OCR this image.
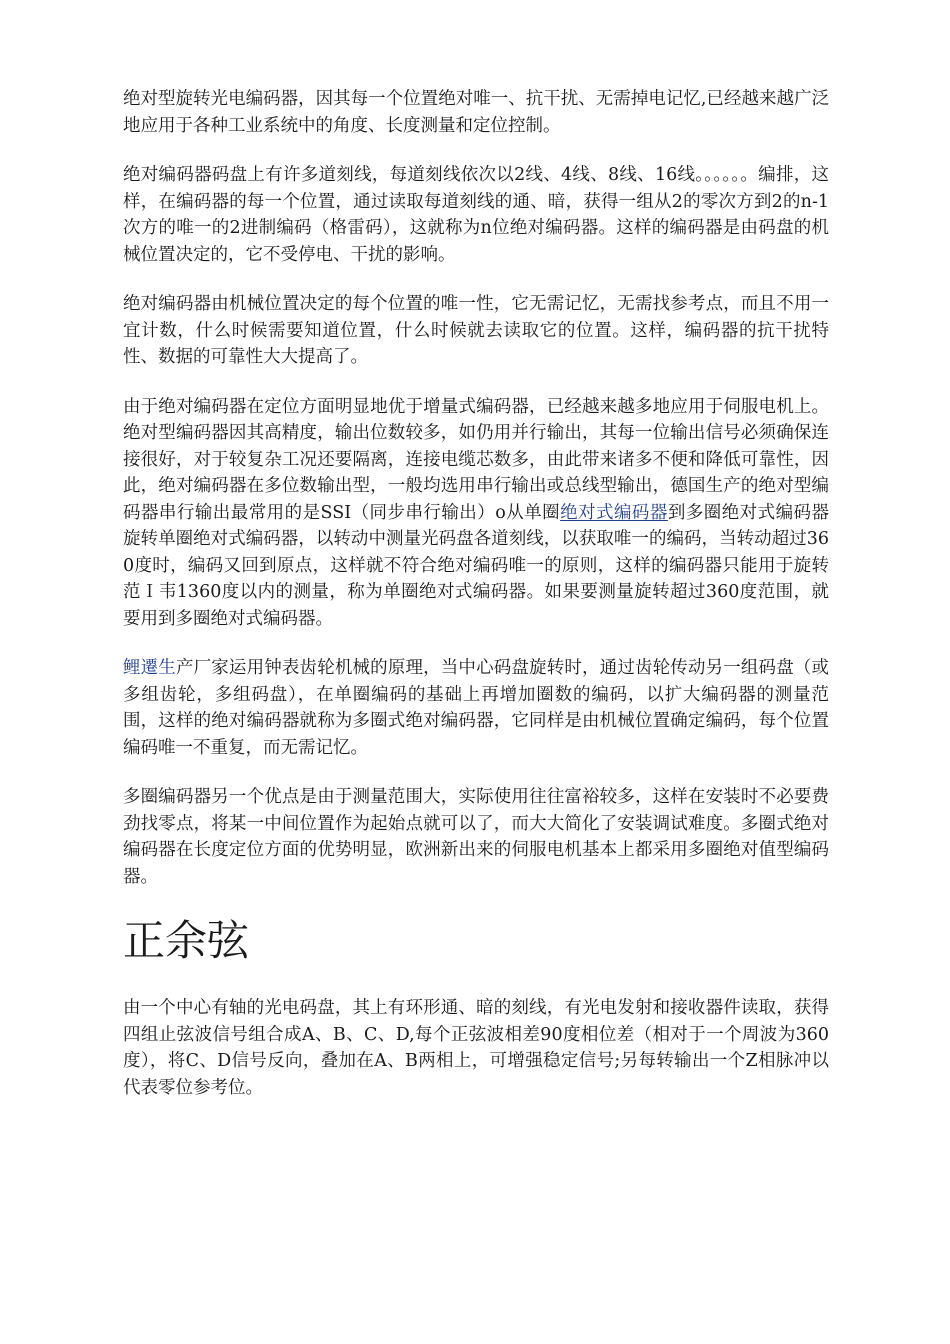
绝对型旋转光电编码器，因其每一个位置绝对唯一、抗干扰、无需掉电记忆,已经越来越广泛地应用于各种工业系统中的角度、长度测量和定位控制。

绝对编码器码盘上有许多道刻线，每道刻线依次以2线、4线、8线、16线。。。。。。编排，这样，在编码器的每一个位置，通过读取每道刻线的通、暗，获得一组从2的零次方到2的n-1次方的唯一的2进制编码（格雷码），这就称为n位绝对编码器。这样的编码器是由码盘的机械位置决定的，它不受停电、干扰的影响。

绝对编码器由机械位置决定的每个位置的唯一性，它无需记忆，无需找参考点，而且不用一宜计数，什么时候需要知道位置，什么时候就去读取它的位置。这样，编码器的抗干扰特性、数据的可靠性大大提高了。

由于绝对编码器在定位方面明显地优于增量式编码器，已经越来越多地应用于伺服电机上。绝对型编码器因其高精度，输出位数较多，如仍用并行输出，其每一位输出信号必须确保连接很好，对于较复杂工况还要隔离，连接电缆芯数多，由此带来诸多不便和降低可靠性，因此，绝对编码器在多位数输出型，一般均选用串行输出或总线型输出，德国生产的绝对型编码器串行输出最常用的是SSI（同步串行输出）o从单圈绝对式编码器到多圈绝对式编码器旋转单圈绝对式编码器，以转动中测量光码盘各道刻线，以获取唯一的编码，当转动超过360度时，编码又回到原点，这样就不符合绝对编码唯一的原则，这样的编码器只能用于旋转范Ｉ韦1360度以内的测量，称为单圈绝对式编码器。如果要测量旋转超过360度范围，就要用到多圈绝对式编码器。

鲤遷生产厂家运用钟表齿轮机械的原理，当中心码盘旋转时，通过齿轮传动另一组码盘（或多组齿轮，多组码盘），在单圈编码的基础上再增加圈数的编码，以扩大编码器的测量范围，这样的绝对编码器就称为多圈式绝对编码器，它同样是由机械位置确定编码，每个位置编码唯一不重复，而无需记忆。

多圈编码器另一个优点是由于测量范围大，实际使用往往富裕较多，这样在安装时不必要费劲找零点，将某一中间位置作为起始点就可以了，而大大简化了安装调试难度。多圈式绝对编码器在长度定位方面的优势明显，欧洲新出来的伺服电机基本上都采用多圈绝对值型编码器。

正余弦

由一个中心有轴的光电码盘，其上有环形通、暗的刻线，有光电发射和接收器件读取，获得四组止弦波信号组合成A、B、C、D,每个正弦波相差90度相位差（相对于一个周波为360度），将C、D信号反向，叠加在A、B两相上，可增强稳定信号;另每转输出一个Z相脉冲以代表零位参考位。
